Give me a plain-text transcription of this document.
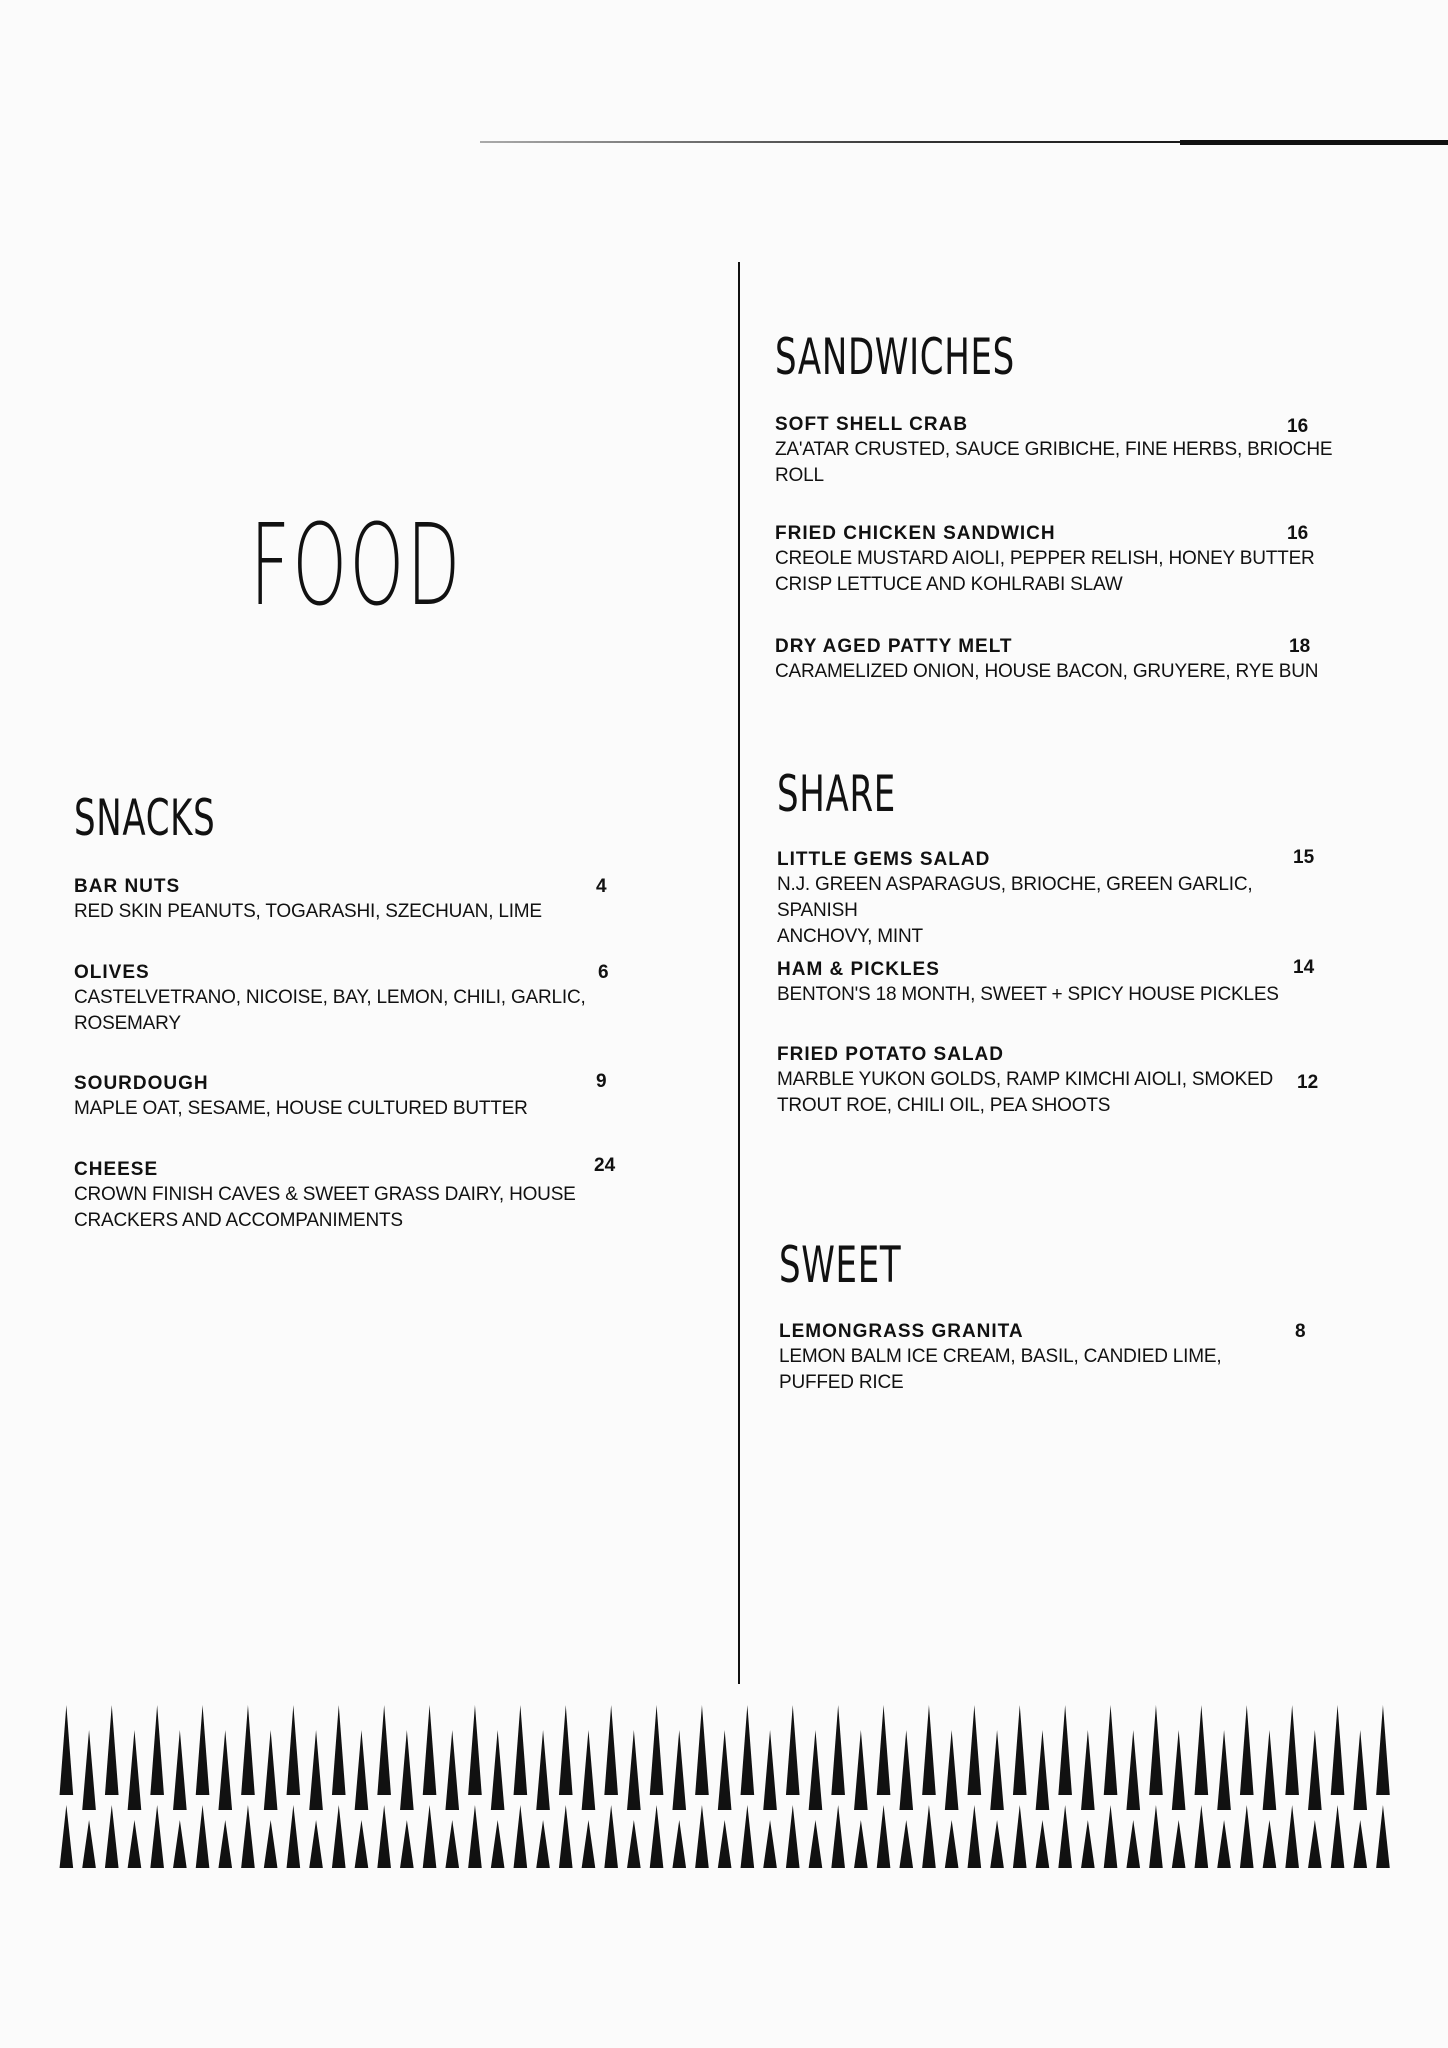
FOOD
SNACKS
BAR NUTS
RED SKIN PEANUTS, TOGARASHI, SZECHUAN, LIME
4
OLIVES
CASTELVETRANO, NICOISE, BAY, LEMON, CHILI, GARLIC,
ROSEMARY
6
SOURDOUGH
MAPLE OAT, SESAME, HOUSE CULTURED BUTTER
9
CHEESE
CROWN FINISH CAVES & SWEET GRASS DAIRY, HOUSE
CRACKERS AND ACCOMPANIMENTS
24
SANDWICHES
SOFT SHELL CRAB
ZA'ATAR CRUSTED, SAUCE GRIBICHE, FINE HERBS, BRIOCHE
ROLL
16
FRIED CHICKEN SANDWICH
CREOLE MUSTARD AIOLI, PEPPER RELISH, HONEY BUTTER
CRISP LETTUCE AND KOHLRABI SLAW
16
DRY AGED PATTY MELT
CARAMELIZED ONION, HOUSE BACON, GRUYERE, RYE BUN
18
SHARE
LITTLE GEMS SALAD
N.J. GREEN ASPARAGUS, BRIOCHE, GREEN GARLIC, SPANISH
ANCHOVY, MINT
15
HAM & PICKLES
BENTON'S 18 MONTH, SWEET + SPICY HOUSE PICKLES
14
FRIED POTATO SALAD
MARBLE YUKON GOLDS, RAMP KIMCHI AIOLI, SMOKED
TROUT ROE, CHILI OIL, PEA SHOOTS
12
SWEET
LEMONGRASS GRANITA
LEMON BALM ICE CREAM, BASIL, CANDIED LIME,
PUFFED RICE
8
